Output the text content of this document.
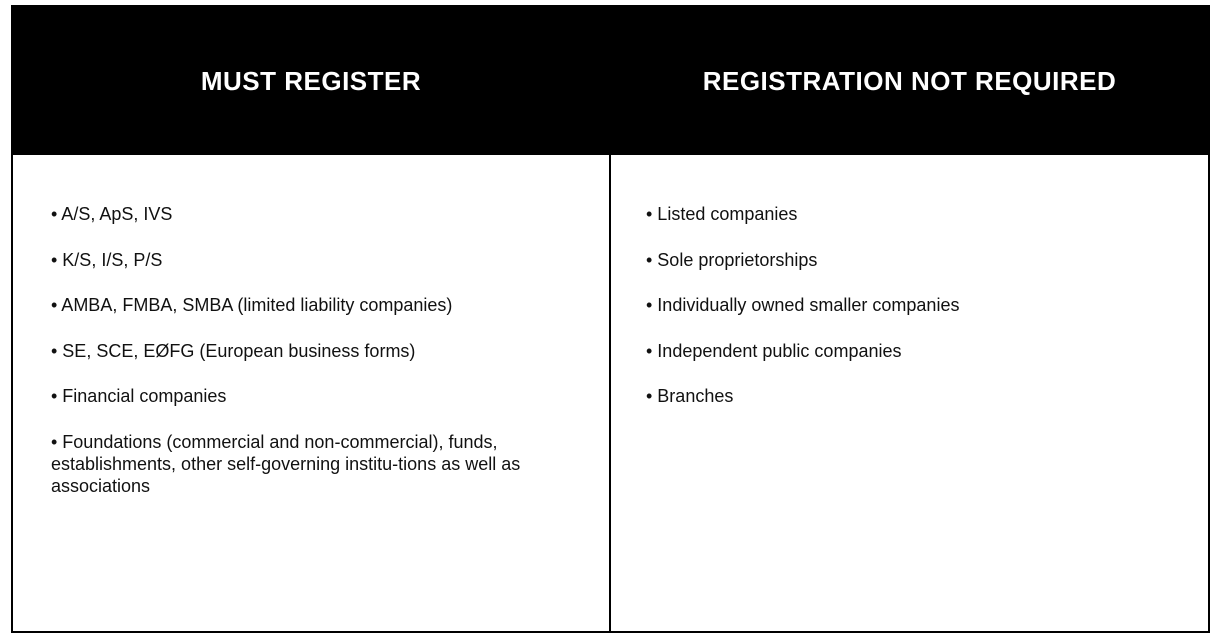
MUST REGISTER
• A/S, ApS, IVS
• K/S, I/S, P/S
• AMBA, FMBA, SMBA (limited liability companies)
• SE, SCE, EØFG (European business forms)
• Financial companies
• Foundations (commercial and non-commercial), funds, establishments, other self-governing institu-tions as well as associations
REGISTRATION NOT REQUIRED
• Listed companies
• Sole proprietorships
• Individually owned smaller companies
• Independent public companies
• Branches
